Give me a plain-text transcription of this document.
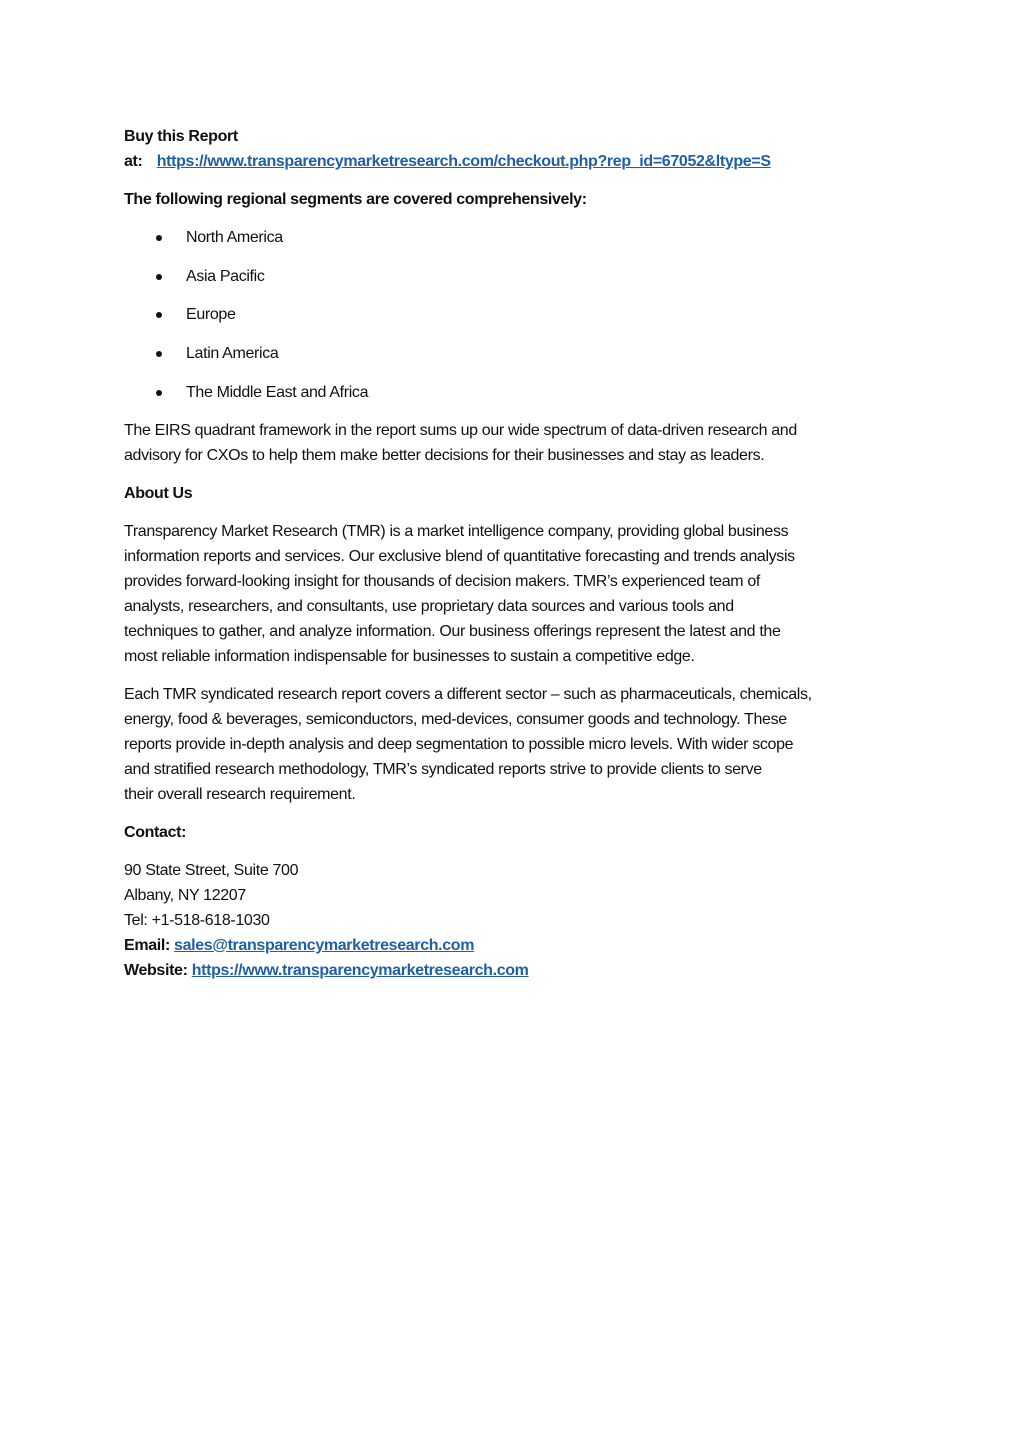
Buy this Report
at: https://www.transparencymarketresearch.com/checkout.php?rep_id=67052&ltype=S
The following regional segments are covered comprehensively:
North America
Asia Pacific
Europe
Latin America
The Middle East and Africa

The EIRS quadrant framework in the report sums up our wide spectrum of data-driven research and
advisory for CXOs to help them make better decisions for their businesses and stay as leaders.

About Us

Transparency Market Research (TMR) is a market intelligence company, providing global business
information reports and services. Our exclusive blend of quantitative forecasting and trends analysis
provides forward-looking insight for thousands of decision makers. TMR’s experienced team of
analysts, researchers, and consultants, use proprietary data sources and various tools and
techniques to gather, and analyze information. Our business offerings represent the latest and the
most reliable information indispensable for businesses to sustain a competitive edge.

Each TMR syndicated research report covers a different sector – such as pharmaceuticals, chemicals,
energy, food & beverages, semiconductors, med-devices, consumer goods and technology. These
reports provide in-depth analysis and deep segmentation to possible micro levels. With wider scope
and stratified research methodology, TMR’s syndicated reports strive to provide clients to serve
their overall research requirement.

Contact:
90 State Street, Suite 700
Albany, NY 12207
Tel: +1-518-618-1030
Email: sales@transparencymarketresearch.com
Website: https://www.transparencymarketresearch.com
